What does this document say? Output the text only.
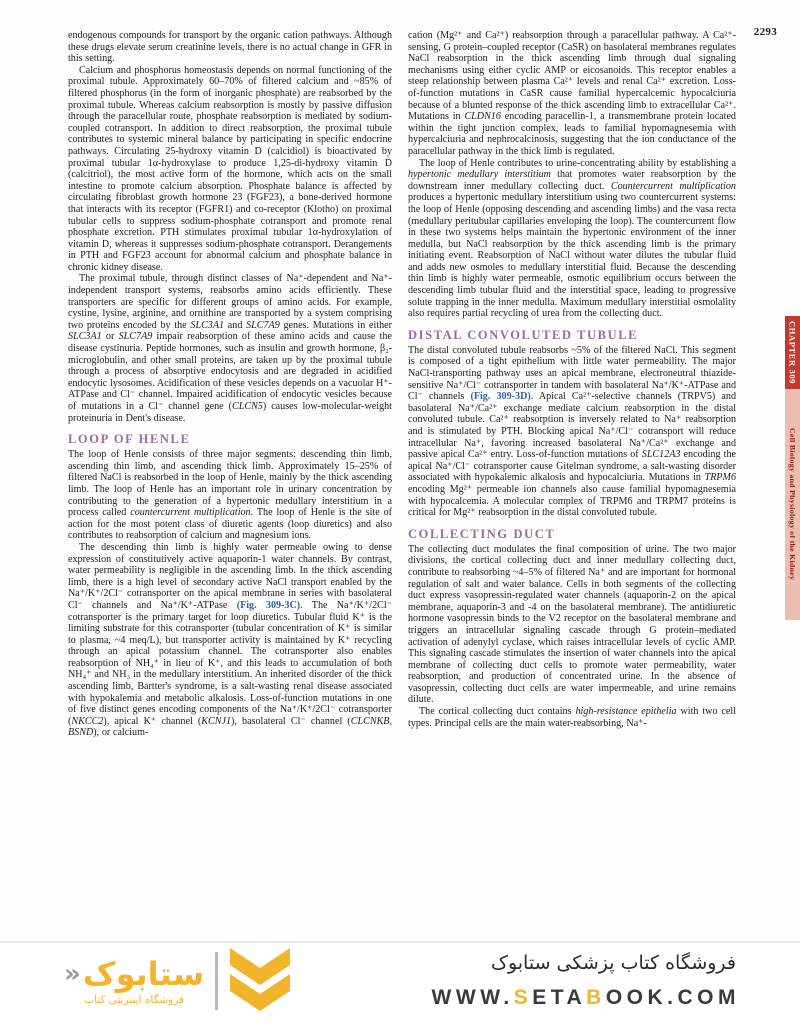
2293

endogenous compounds for transport by the organic cation pathways. Although these drugs elevate serum creatinine levels, there is no actual change in GFR in this setting.

Calcium and phosphorus homeostasis depends on normal functioning of the proximal tubule. Approximately 60–70% of filtered calcium and ~85% of filtered phosphorus (in the form of inorganic phosphate) are reabsorbed by the proximal tubule. Whereas calcium reabsorption is mostly by passive diffusion through the paracellular route, phosphate reabsorption is mediated by sodium-coupled cotransport. In addition to direct reabsorption, the proximal tubule contributes to systemic mineral balance by participating in specific endocrine pathways. Circulating 25-hydroxy vitamin D (calcidiol) is bioactivated by proximal tubular 1α-hydroxylase to produce 1,25-di-hydroxy vitamin D (calcitriol), the most active form of the hormone, which acts on the small intestine to promote calcium absorption. Phosphate balance is affected by circulating fibroblast growth hormone 23 (FGF23), a bone-derived hormone that interacts with its receptor (FGFR1) and co-receptor (Klotho) on proximal tubular cells to suppress sodium-phosphate cotransport and promote renal phosphate excretion. PTH stimulates proximal tubular 1α-hydroxylation of vitamin D, whereas it suppresses sodium-phosphate cotransport. Derangements in PTH and FGF23 account for abnormal calcium and phosphate balance in chronic kidney disease.

The proximal tubule, through distinct classes of Na⁺-dependent and Na⁺-independent transport systems, reabsorbs amino acids efficiently. These transporters are specific for different groups of amino acids. For example, cystine, lysine, arginine, and ornithine are transported by a system comprising two proteins encoded by the SLC3A1 and SLC7A9 genes. Mutations in either SLC3A1 or SLC7A9 impair reabsorption of these amino acids and cause the disease cystinuria. Peptide hormones, such as insulin and growth hormone, β₂-microglobulin, and other small proteins, are taken up by the proximal tubule through a process of absorptive endocytosis and are degraded in acidified endocytic lysosomes. Acidification of these vesicles depends on a vacuolar H⁺-ATPase and Cl⁻ channel. Impaired acidification of endocytic vesicles because of mutations in a Cl⁻ channel gene (CLCN5) causes low-molecular-weight proteinuria in Dent's disease.

LOOP OF HENLE

The loop of Henle consists of three major segments: descending thin limb, ascending thin limb, and ascending thick limb. Approximately 15–25% of filtered NaCl is reabsorbed in the loop of Henle, mainly by the thick ascending limb. The loop of Henle has an important role in urinary concentration by contributing to the generation of a hypertonic medullary interstitium in a process called countercurrent multiplication. The loop of Henle is the site of action for the most potent class of diuretic agents (loop diuretics) and also contributes to reabsorption of calcium and magnesium ions.

The descending thin limb is highly water permeable owing to dense expression of constitutively active aquaporin-1 water channels. By contrast, water permeability is negligible in the ascending limb. In the thick ascending limb, there is a high level of secondary active NaCl transport enabled by the Na⁺/K⁺/2Cl⁻ cotransporter on the apical membrane in series with basolateral Cl⁻ channels and Na⁺/K⁺-ATPase (Fig. 309-3C). The Na⁺/K⁺/2Cl⁻ cotransporter is the primary target for loop diuretics. Tubular fluid K⁺ is the limiting substrate for this cotransporter (tubular concentration of K⁺ is similar to plasma, ~4 meq/L), but transporter activity is maintained by K⁺ recycling through an apical potassium channel. The cotransporter also enables reabsorption of NH₄⁺ in lieu of K⁺, and this leads to accumulation of both NH₄⁺ and NH₃ in the medullary interstitium. An inherited disorder of the thick ascending limb, Bartter's syndrome, is a salt-wasting renal disease associated with hypokalemia and metabolic alkalosis. Loss-of-function mutations in one of five distinct genes encoding components of the Na⁺/K⁺/2Cl⁻ cotransporter (NKCC2), apical K⁺ channel (KCNJ1), basolateral Cl⁻ channel (CLCNKB, BSND), or calcium-

cation (Mg²⁺ and Ca²⁺) reabsorption through a paracellular pathway. A Ca²⁺-sensing, G protein–coupled receptor (CaSR) on basolateral membranes regulates NaCl reabsorption in the thick ascending limb through dual signaling mechanisms using either cyclic AMP or eicosanoids. This receptor enables a steep relationship between plasma Ca²⁺ levels and renal Ca²⁺ excretion. Loss-of-function mutations in CaSR cause familial hypercalcemic hypocalciuria because of a blunted response of the thick ascending limb to extracellular Ca²⁺. Mutations in CLDN16 encoding paracellin-1, a transmembrane protein located within the tight junction complex, leads to familial hypomagnesemia with hypercalciuria and nephrocalcinosis, suggesting that the ion conductance of the paracellular pathway in the thick limb is regulated.

The loop of Henle contributes to urine-concentrating ability by establishing a hypertonic medullary interstitium that promotes water reabsorption by the downstream inner medullary collecting duct. Countercurrent multiplication produces a hypertonic medullary interstitium using two countercurrent systems: the loop of Henle (opposing descending and ascending limbs) and the vasa recta (medullary peritubular capillaries enveloping the loop). The countercurrent flow in these two systems helps maintain the hypertonic environment of the inner medulla, but NaCl reabsorption by the thick ascending limb is the primary initiating event. Reabsorption of NaCl without water dilutes the tubular fluid and adds new osmoles to medullary interstitial fluid. Because the descending thin limb is highly water permeable, osmotic equilibrium occurs between the descending limb tubular fluid and the interstitial space, leading to progressive solute trapping in the inner medulla. Maximum medullary interstitial osmolality also requires partial recycling of urea from the collecting duct.

DISTAL CONVOLUTED TUBULE

The distal convoluted tubule reabsorbs ~5% of the filtered NaCl. This segment is composed of a tight epithelium with little water permeability. The major NaCl-transporting pathway uses an apical membrane, electroneutral thiazide-sensitive Na⁺/Cl⁻ cotransporter in tandem with basolateral Na⁺/K⁺-ATPase and Cl⁻ channels (Fig. 309-3D). Apical Ca²⁺-selective channels (TRPV5) and basolateral Na⁺/Ca²⁺ exchange mediate calcium reabsorption in the distal convoluted tubule. Ca²⁺ reabsorption is inversely related to Na⁺ reabsorption and is stimulated by PTH. Blocking apical Na⁺/Cl⁻ cotransport will reduce intracellular Na⁺, favoring increased basolateral Na⁺/Ca²⁺ exchange and passive apical Ca²⁺ entry. Loss-of-function mutations of SLC12A3 encoding the apical Na⁺/Cl⁻ cotransporter cause Gitelman syndrome, a salt-wasting disorder associated with hypokalemic alkalosis and hypocalciuria. Mutations in TRPM6 encoding Mg²⁺ permeable ion channels also cause familial hypomagnesemia with hypocalcemia. A molecular complex of TRPM6 and TRPM7 proteins is critical for Mg²⁺ reabsorption in the distal convoluted tubule.

COLLECTING DUCT

The collecting duct modulates the final composition of urine. The two major divisions, the cortical collecting duct and inner medullary collecting duct, contribute to reabsorbing ~4–5% of filtered Na⁺ and are important for hormonal regulation of salt and water balance. Cells in both segments of the collecting duct express vasopressin-regulated water channels (aquaporin-2 on the apical membrane, aquaporin-3 and -4 on the basolateral membrane). The antidiuretic hormone vasopressin binds to the V2 receptor on the basolateral membrane and triggers an intracellular signaling cascade through G protein–mediated activation of adenylyl cyclase, which raises intracellular levels of cyclic AMP. This signaling cascade stimulates the insertion of water channels into the apical membrane of collecting duct cells to promote water permeability, water reabsorption, and production of concentrated urine. In the absence of vasopressin, collecting duct cells are water impermeable, and urine remains dilute.

The cortical collecting duct contains high-resistance epithelia with two cell types. Principal cells are the main water-reabsorbing, Na⁺-

CHAPTER 309
Cell Biology and Physiology of the Kidney
ستابوک
«
فروشگاه اینترنتی کتاب
فروشگاه کتاب پزشکی ستابوک
WWW.SETABOOK.COM
